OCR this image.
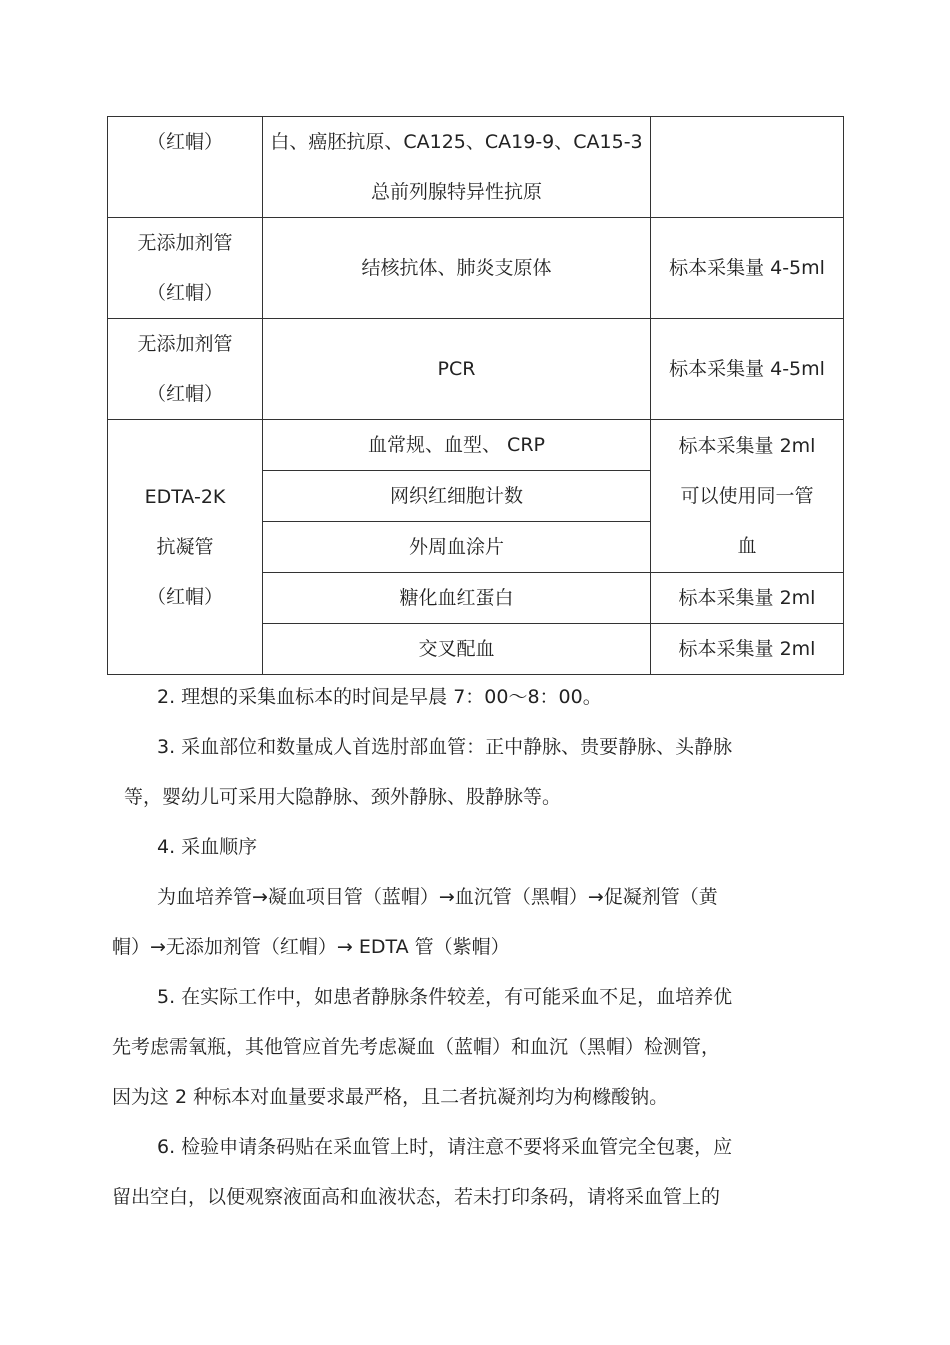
（红帽）	白、癌胚抗原、CA125、CA19-9、CA15-3
总前列腺特异性抗原	

无添加剂管
（红帽）	结核抗体、肺炎支原体	标本采集量 4-5ml

无添加剂管
（红帽）	PCR	标本采集量 4-5ml

EDTA-2K
抗凝管
（红帽）	血常规、血型、 CRP	标本采集量 2ml
可以使用同一管
血

	网织红细胞计数	

	外周血涂片	

	糖化血红蛋白	标本采集量 2ml

	交叉配血	标本采集量 2ml

2. 理想的采集血标本的时间是早晨 7：00～8：00。

3. 采血部位和数量成人首选肘部血管：正中静脉、贵要静脉、头静脉
等，婴幼儿可采用大隐静脉、颈外静脉、股静脉等。

4. 采血顺序

为血培养管→凝血项目管（蓝帽）→血沉管（黑帽）→促凝剂管（黄
帽）→无添加剂管（红帽）→ EDTA 管（紫帽）

5. 在实际工作中，如患者静脉条件较差，有可能采血不足，血培养优
先考虑需氧瓶，其他管应首先考虑凝血（蓝帽）和血沉（黑帽）检测管，
因为这 2 种标本对血量要求最严格，且二者抗凝剂均为枸橼酸钠。

6. 检验申请条码贴在采血管上时，请注意不要将采血管完全包裹，应
留出空白，以便观察液面高和血液状态，若未打印条码，请将采血管上的
